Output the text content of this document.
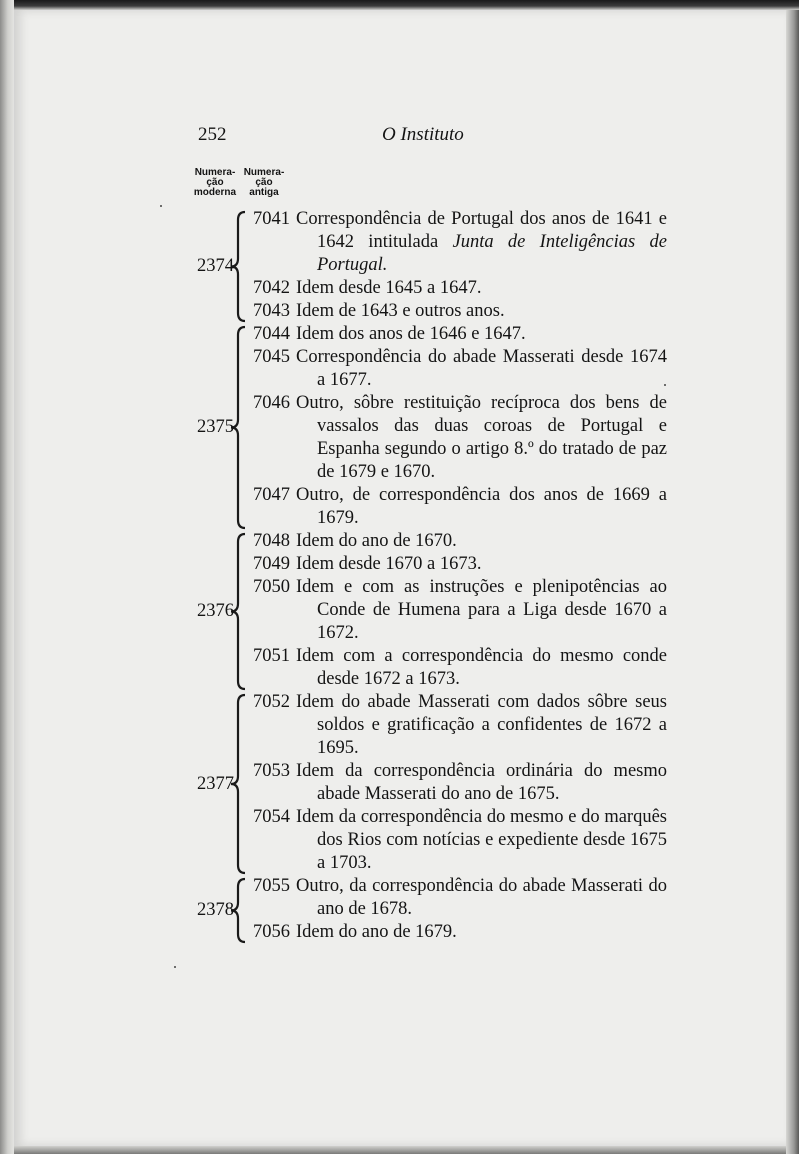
252	O Instituto
Numera-
ção
moderna
Numera-
ção
antiga
7041 Correspondência de Portugal dos anos de 1641 e 1642 intitulada Junta de Inteligências de Portugal.
7042 Idem desde 1645 a 1647.
7043 Idem de 1643 e outros anos.
2374
7044 Idem dos anos de 1646 e 1647.
7045 Correspondência do abade Masserati desde 1674 a 1677.
7046 Outro, sôbre restituição recíproca dos bens de vassalos das duas coroas de Portugal e Espanha segundo o artigo 8.º do tratado de paz de 1679 e 1670.
7047 Outro, de correspondência dos anos de 1669 a 1679.
2375
7048 Idem do ano de 1670.
7049 Idem desde 1670 a 1673.
7050 Idem e com as instruções e plenipotências ao Conde de Humena para a Liga desde 1670 a 1672.
7051 Idem com a correspondência do mesmo conde desde 1672 a 1673.
2376
7052 Idem do abade Masserati com dados sôbre seus soldos e gratificação a confidentes de 1672 a 1695.
7053 Idem da correspondência ordinária do mesmo abade Masserati do ano de 1675.
7054 Idem da correspondência do mesmo e do marquês dos Rios com notícias e expediente desde 1675 a 1703.
2377
7055 Outro, da correspondência do abade Masserati do ano de 1678.
7056 Idem do ano de 1679.
2378
